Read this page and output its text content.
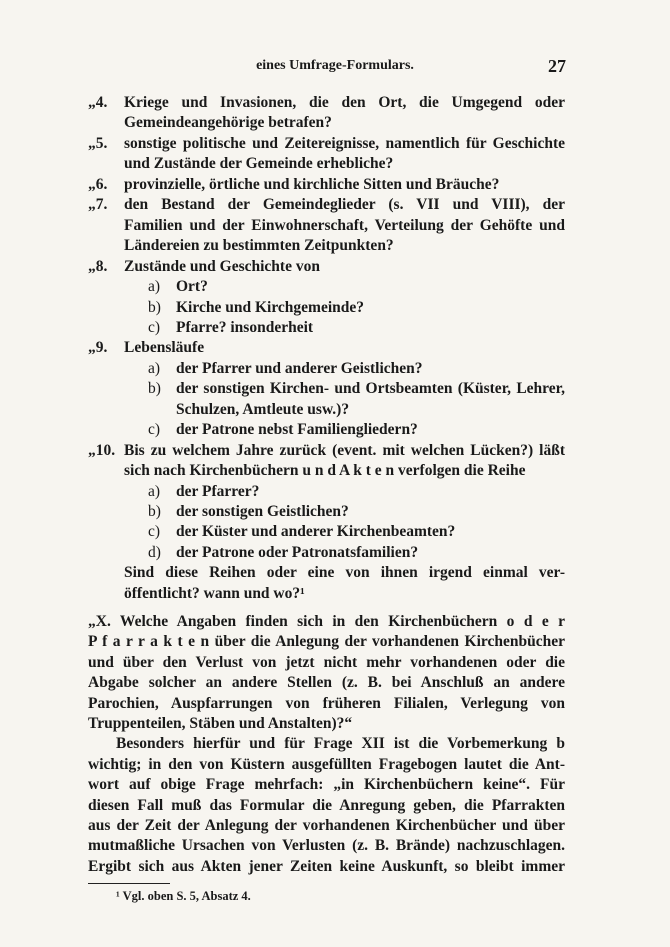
eines Umfrage-Formulars.	27
„4. Kriege und Invasionen, die den Ort, die Umgegend oder
Gemeindeangehörige betrafen?
„5. sonstige politische und Zeitereignisse, namentlich für Geschichte
und Zustände der Gemeinde erhebliche?
„6. provinzielle, örtliche und kirchliche Sitten und Bräuche?
„7. den Bestand der Gemeindeglieder (s. VII und VIII), der
Familien und der Einwohnerschaft, Verteilung der Gehöfte und
Ländereien zu bestimmten Zeitpunkten?
„8. Zustände und Geschichte von
a) Ort?
b) Kirche und Kirchgemeinde?
c) Pfarre? insonderheit
„9. Lebensläufe
a) der Pfarrer und anderer Geistlichen?
b) der sonstigen Kirchen- und Ortsbeamten (Küster, Lehrer,
Schulzen, Amtleute usw.)?
c) der Patrone nebst Familiengliedern?
„10. Bis zu welchem Jahre zurück (event. mit welchen Lücken?) läßt
sich nach Kirchenbüchern u n d A k t e n verfolgen die Reihe
a) der Pfarrer?
b) der sonstigen Geistlichen?
c) der Küster und anderer Kirchenbeamten?
d) der Patrone oder Patronatsfamilien?
Sind diese Reihen oder eine von ihnen irgend einmal ver-
öffentlicht? wann und wo?¹
„X. Welche Angaben finden sich in den Kirchenbüchern o d e r
P f a r r a k t e n über die Anlegung der vorhandenen Kirchenbücher
und über den Verlust von jetzt nicht mehr vorhandenen oder die
Abgabe solcher an andere Stellen (z. B. bei Anschluß an andere
Parochien, Auspfarrungen von früheren Filialen, Verlegung von
Truppenteilen, Stäben und Anstalten)?“
Besonders hierfür und für Frage XII ist die Vorbemerkung b
wichtig; in den von Küstern ausgefüllten Fragebogen lautet die Ant-
wort auf obige Frage mehrfach: „in Kirchenbüchern keine“. Für
diesen Fall muß das Formular die Anregung geben, die Pfarrakten
aus der Zeit der Anlegung der vorhandenen Kirchenbücher und über
mutmaßliche Ursachen von Verlusten (z. B. Brände) nachzuschlagen.
Ergibt sich aus Akten jener Zeiten keine Auskunft, so bleibt immer
¹ Vgl. oben S. 5, Absatz 4.
